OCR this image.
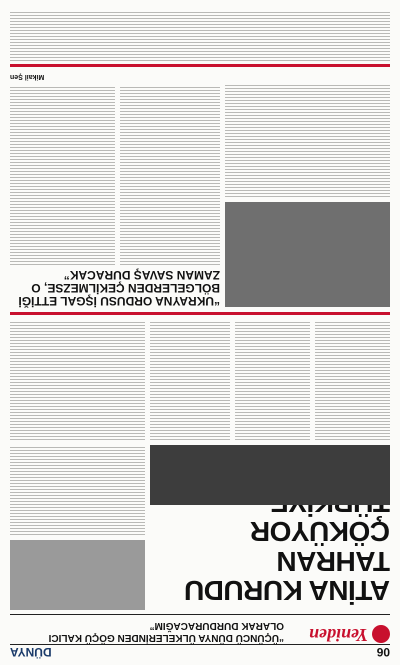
06
DÜNYA
Yeniden
“ÜÇÜNCÜ DÜNYA ÜLKELERİNDEN GÖÇÜ KALICI OLARAK DURDURACAĞIM”
ATİNA KURUDU
TAHRAN ÇÖKÜYOR
“UKRAYNA ORDUSU İŞGAL ETTİĞİ BÖLGELERDEN ÇEKİLMEZSE, O ZAMAN SAVAŞ DURACAK”
Mikail Şen
